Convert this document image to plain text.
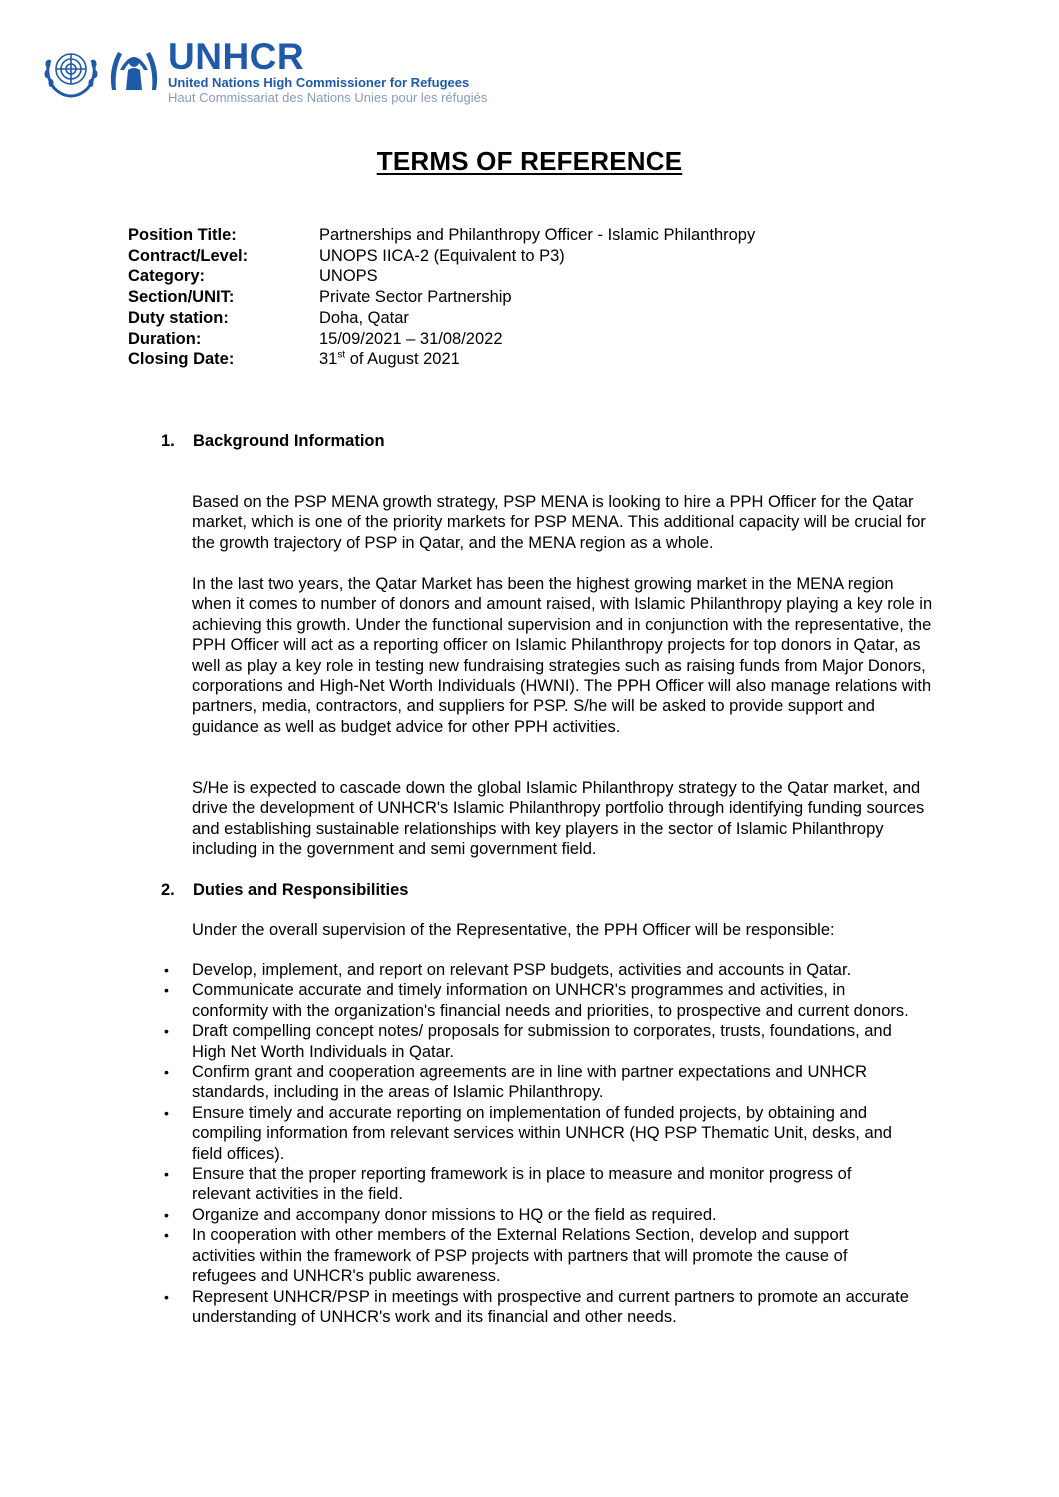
UNHCR
United Nations High Commissioner for Refugees
Haut Commissariat des Nations Unies pour les réfugiés
TERMS OF REFERENCE
Position Title:	Partnerships and Philanthropy Officer - Islamic Philanthropy
Contract/Level:	UNOPS IICA-2 (Equivalent to P3)
Category:	UNOPS
Section/UNIT:	Private Sector Partnership
Duty station:	Doha, Qatar
Duration:	15/09/2021 – 31/08/2022
Closing Date:	31st of August 2021
1. Background Information

Based on the PSP MENA growth strategy, PSP MENA is looking to hire a PPH Officer for the Qatar market, which is one of the priority markets for PSP MENA. This additional capacity will be crucial for the growth trajectory of PSP in Qatar, and the MENA region as a whole.

In the last two years, the Qatar Market has been the highest growing market in the MENA region when it comes to number of donors and amount raised, with Islamic Philanthropy playing a key role in achieving this growth. Under the functional supervision and in conjunction with the representative, the PPH Officer will act as a reporting officer on Islamic Philanthropy projects for top donors in Qatar, as well as play a key role in testing new fundraising strategies such as raising funds from Major Donors, corporations and High-Net Worth Individuals (HWNI). The PPH Officer will also manage relations with partners, media, contractors, and suppliers for PSP. S/he will be asked to provide support and guidance as well as budget advice for other PPH activities.

S/He is expected to cascade down the global Islamic Philanthropy strategy to the Qatar market, and drive the development of UNHCR's Islamic Philanthropy portfolio through identifying funding sources and establishing sustainable relationships with key players in the sector of Islamic Philanthropy including in the government and semi government field.

2. Duties and Responsibilities

Under the overall supervision of the Representative, the PPH Officer will be responsible:

• Develop, implement, and report on relevant PSP budgets, activities and accounts in Qatar.
• Communicate accurate and timely information on UNHCR's programmes and activities, in conformity with the organization's financial needs and priorities, to prospective and current donors.
• Draft compelling concept notes/ proposals for submission to corporates, trusts, foundations, and High Net Worth Individuals in Qatar.
• Confirm grant and cooperation agreements are in line with partner expectations and UNHCR standards, including in the areas of Islamic Philanthropy.
• Ensure timely and accurate reporting on implementation of funded projects, by obtaining and compiling information from relevant services within UNHCR (HQ PSP Thematic Unit, desks, and field offices).
• Ensure that the proper reporting framework is in place to measure and monitor progress of relevant activities in the field.
• Organize and accompany donor missions to HQ or the field as required.
• In cooperation with other members of the External Relations Section, develop and support activities within the framework of PSP projects with partners that will promote the cause of refugees and UNHCR's public awareness.
• Represent UNHCR/PSP in meetings with prospective and current partners to promote an accurate understanding of UNHCR's work and its financial and other needs.
